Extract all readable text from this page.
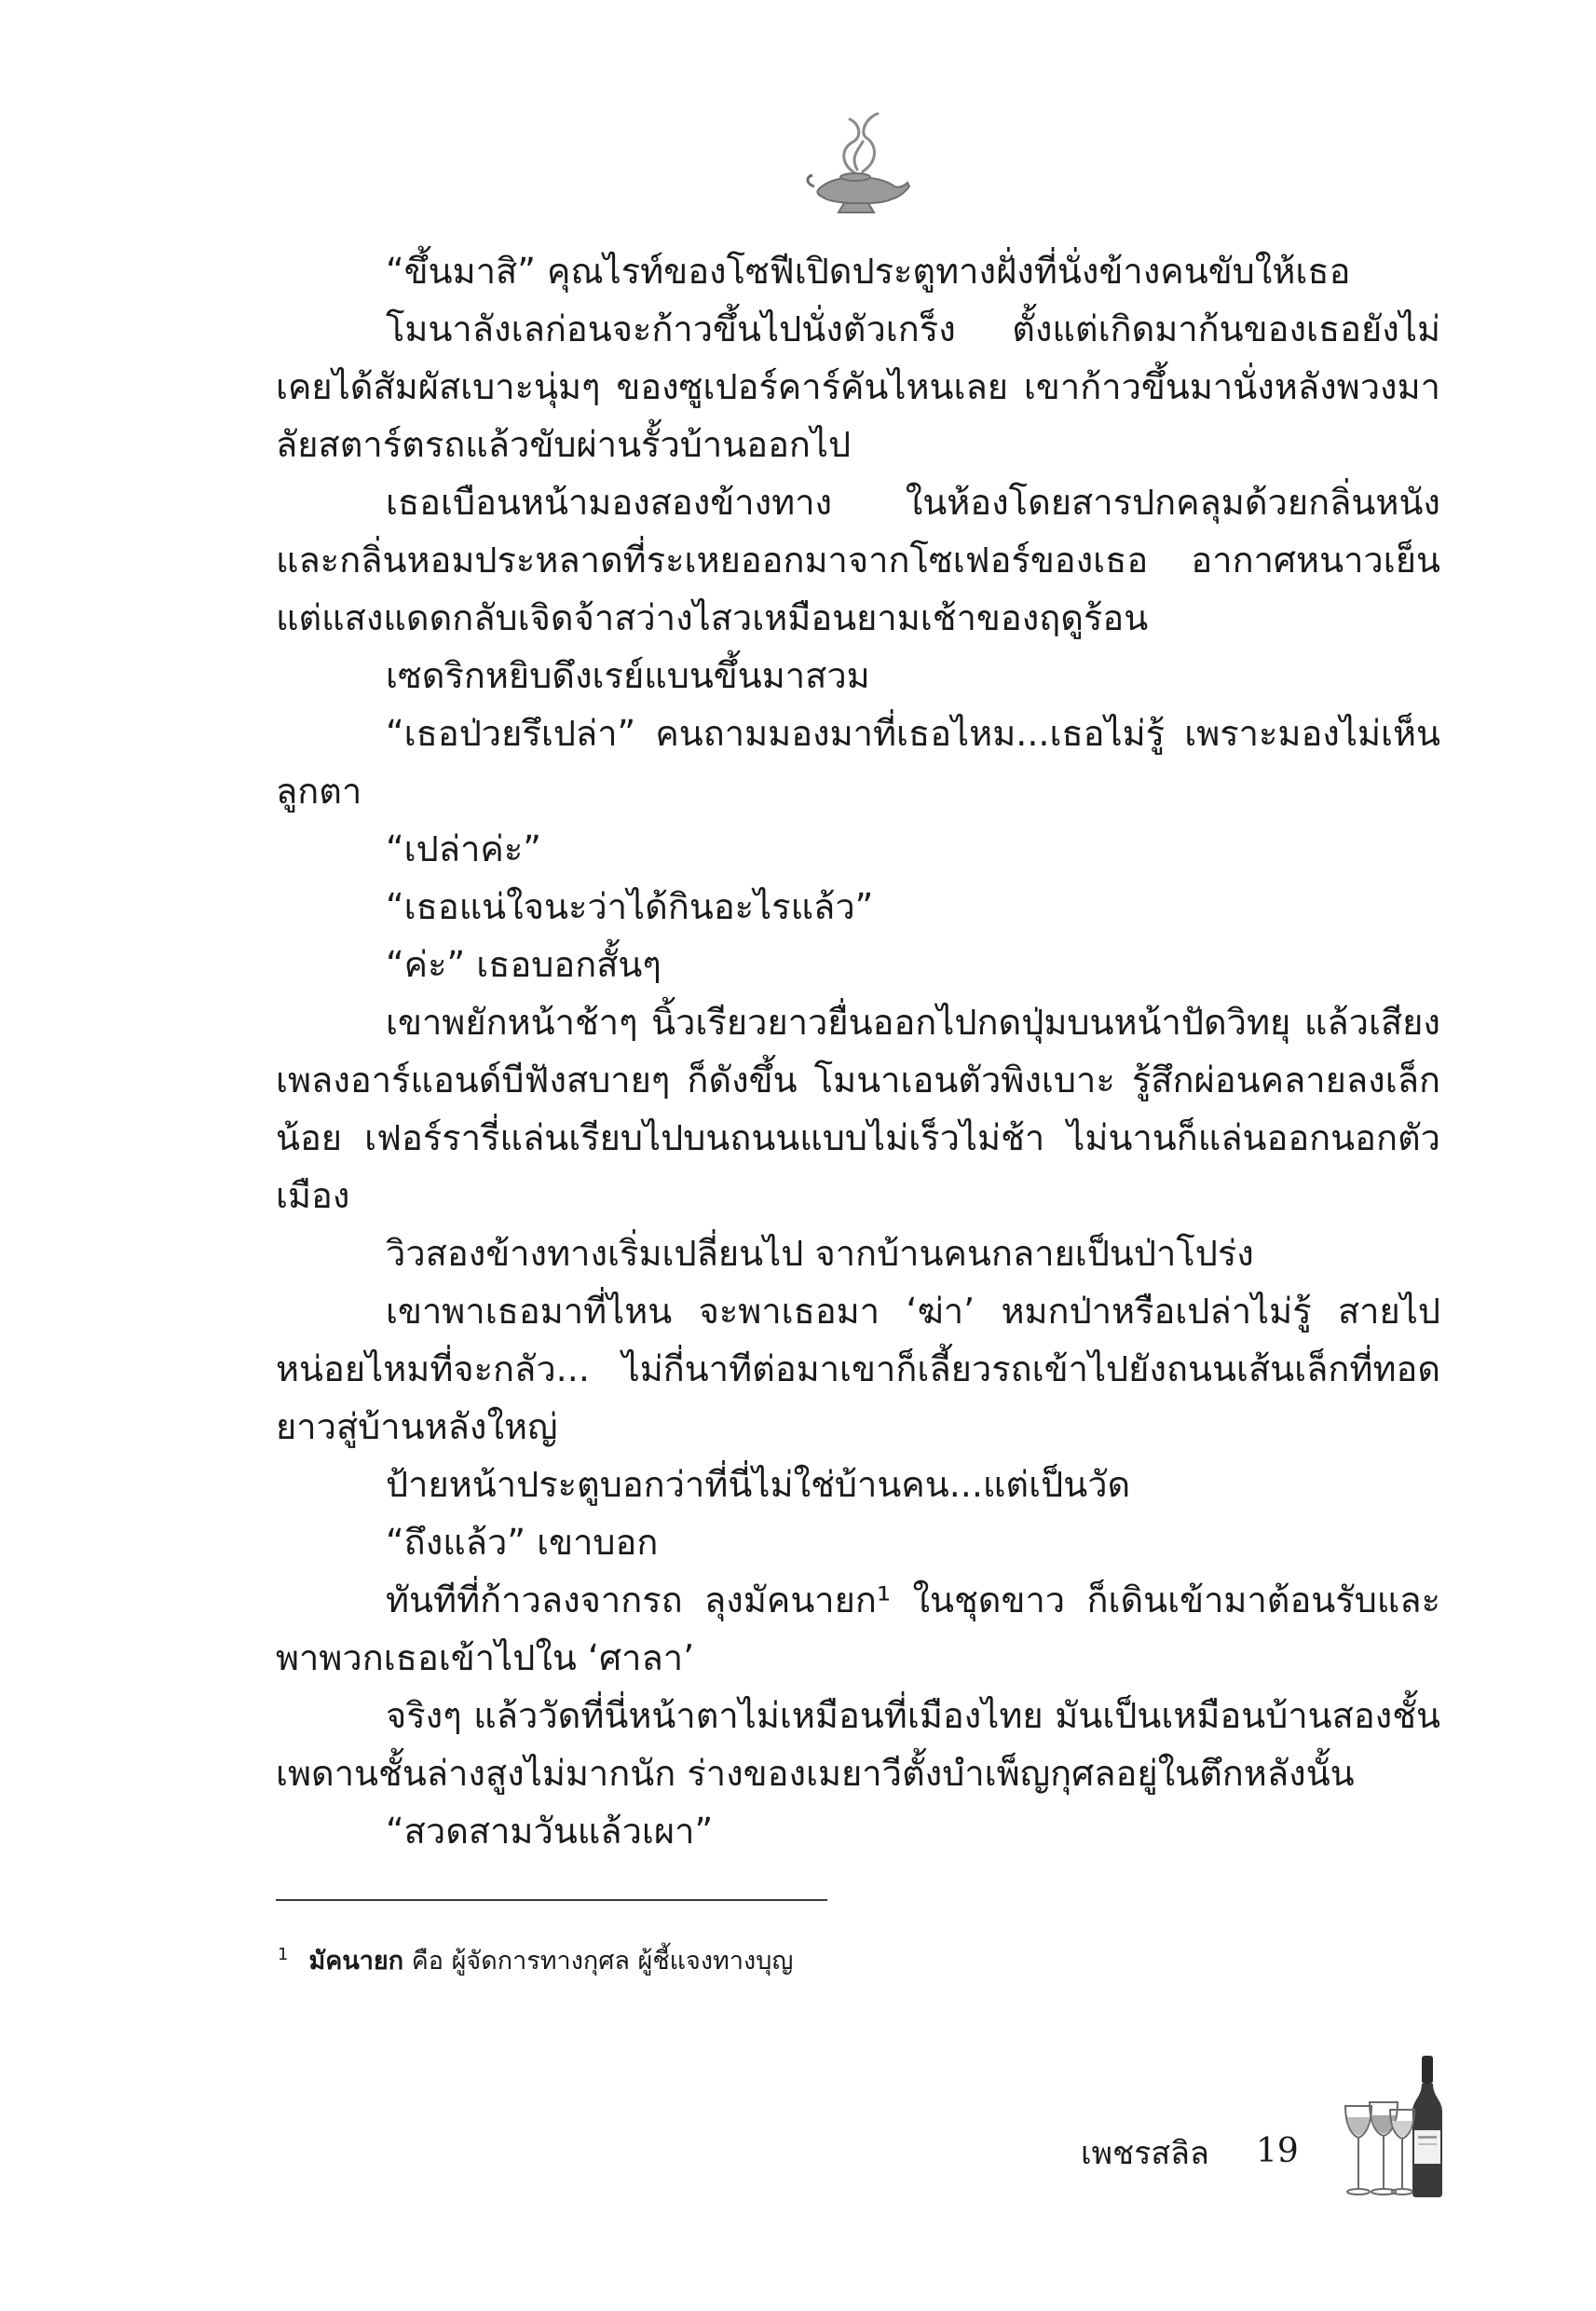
“ขึ้นมาสิ” คุณไรท์ของโซฟีเปิดประตูทางฝั่งที่นั่งข้างคนขับให้เธอ

โมนาลังเลก่อนจะก้าวขึ้นไปนั่งตัวเกร็ง ตั้งแต่เกิดมาก้นของเธอยังไม่เคยได้สัมผัสเบาะนุ่มๆ ของซูเปอร์คาร์คันไหนเลย เขาก้าวขึ้นมานั่งหลังพวงมาลัยสตาร์ตรถแล้วขับผ่านรั้วบ้านออกไป

เธอเบือนหน้ามองสองข้างทาง ในห้องโดยสารปกคลุมด้วยกลิ่นหนังและกลิ่นหอมประหลาดที่ระเหยออกมาจากโซเฟอร์ของเธอ อากาศหนาวเย็นแต่แสงแดดกลับเจิดจ้าสว่างไสวเหมือนยามเช้าของฤดูร้อน

เซดริกหยิบดึงเรย์แบนขึ้นมาสวม

“เธอป่วยรึเปล่า” คนถามมองมาที่เธอไหม...เธอไม่รู้ เพราะมองไม่เห็นลูกตา

“เปล่าค่ะ”

“เธอแน่ใจนะว่าได้กินอะไรแล้ว”

“ค่ะ” เธอบอกสั้นๆ

เขาพยักหน้าช้าๆ นิ้วเรียวยาวยื่นออกไปกดปุ่มบนหน้าปัดวิทยุ แล้วเสียงเพลงอาร์แอนด์บีฟังสบายๆ ก็ดังขึ้น โมนาเอนตัวพิงเบาะ รู้สึกผ่อนคลายลงเล็กน้อย เฟอร์รารี่แล่นเรียบไปบนถนนแบบไม่เร็วไม่ช้า ไม่นานก็แล่นออกนอกตัวเมือง

วิวสองข้างทางเริ่มเปลี่ยนไป จากบ้านคนกลายเป็นป่าโปร่ง

เขาพาเธอมาที่ไหน จะพาเธอมา ‘ฆ่า’ หมกป่าหรือเปล่าไม่รู้ สายไปหน่อยไหมที่จะกลัว... ไม่กี่นาทีต่อมาเขาก็เลี้ยวรถเข้าไปยังถนนเส้นเล็กที่ทอดยาวสู่บ้านหลังใหญ่

ป้ายหน้าประตูบอกว่าที่นี่ไม่ใช่บ้านคน...แต่เป็นวัด

“ถึงแล้ว” เขาบอก

ทันทีที่ก้าวลงจากรถ ลุงมัคนายก¹ ในชุดขาว ก็เดินเข้ามาต้อนรับและพาพวกเธอเข้าไปใน ‘ศาลา’

จริงๆ แล้ววัดที่นี่หน้าตาไม่เหมือนที่เมืองไทย มันเป็นเหมือนบ้านสองชั้นเพดานชั้นล่างสูงไม่มากนัก ร่างของเมยาวีตั้งบำเพ็ญกุศลอยู่ในตึกหลังนั้น

“สวดสามวันแล้วเผา”

$^1$ มัคนายก คือ ผู้จัดการทางกุศล ผู้ชี้แจงทางบุญ
เพชรสลิล 19
